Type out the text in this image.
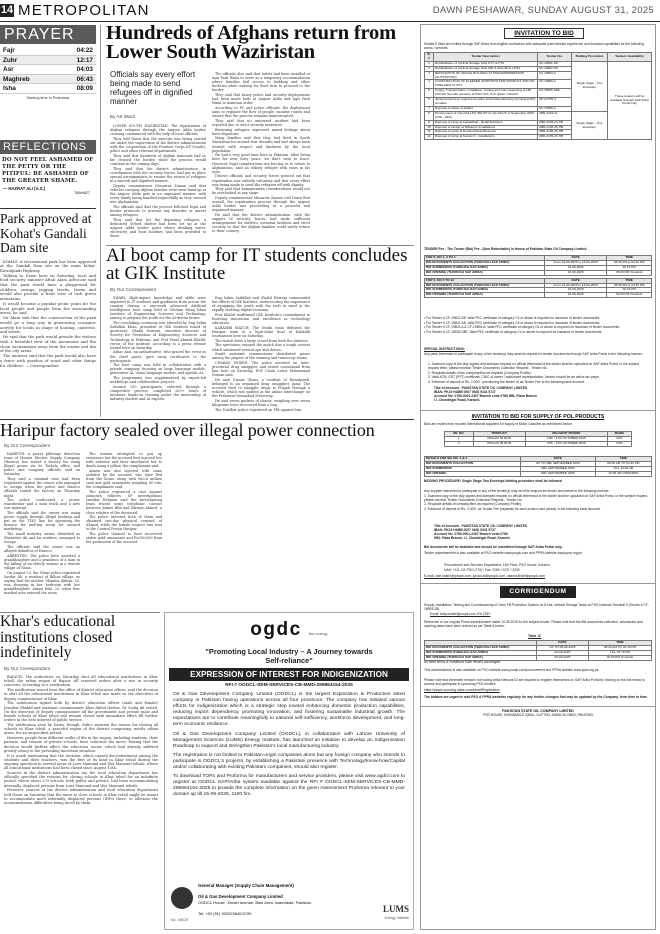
14 METROPOLITAN	DAWN PESHAWAR, SUNDAY AUGUST 31, 2025
PRAYER
Fajr	04:22
Zuhr	12:17
Asr	04:03
Maghreb	06:43
Isha	08:09
Starting time in Peshawar
REFLECTIONS
DO NOT FEEL ASHAMED OF THE PETTY OR THE PITIFUL: BE ASHAMED OF THE GREATER SHAME.
— HAZRAT ALI (A.S.)
78AH627
Park approved at Kohat's Gandali Dam site

KOHAT: A recreational park has been approved at the Gandali Dam site on the main Kohat-Rawalpindi Highway.

Talking to Dawn here on Saturday, local and food security minister Aftab Alam Advocate said that the park would have a playground for children, swings, jogging tracks, lawns and would also provide a front view of lush green mountains.

It would become a popular picnic point for the local people and people from the surrounding areas, he said.

Mr Alam said that the construction of the park would go a long way in generating economic activity for locals in shape of boating, canteens, and hotels.

He said that the park would provide the visitors with a beautiful view of the mountains and the clean environment away from the smoke and din of the city areas.

The minister said that the park would also have a fence with gazebos of wood and other things for children. — Correspondent

Hundreds of Afghans return from Lower South Waziristan
Officials say every effort being made to send refugees off in dignified manner
By AK Wazir

LOWER SOUTH WAZIRISTAN: The repatriation of Afghan refugees through the Angoor Adda border crossing commenced with the help of local officials.

They told Dawn that the exercise was being carried out under the supervision of the district administration with the cooperation of the Frontier Corps KP (South), police and other relevant departments.

They said that hundreds of Afghan nationals had so far crossed the border, while the process would continue in the coming days.

They said that the district administration, in coordination with the security forces, had put in place special arrangements to ensure the return of refugees in a smooth and dignified manner.

Deputy commissioner Musarrat Zaman said that vehicles carrying Afghan families were seen lined up at the Angoor Adda gate in an organised manner, with every family being handled respectfully as they crossed into Afghanistan.

The officials said that the process followed legal and border protocols to prevent any disorder or unrest among refugees.

They said that for the departing refugees, a dedicated 50-bed shelter had been set up at the Angoor Adda border point where drinking water, electricity and food facilities had been provided to them.

The officials also said that toilets had been installed at Agri Park Wana to serve as a temporary accommodation where families had access to bedding and other facilities while waiting for their turn to proceed to the border.

They said that heavy police and security deployments had been made both at Angoor Adda and Agri Park Wana to maintain order.

According to FC and police officials, the deployment aims to regulate the flow of people, monitor routes and ensure that the process remains uninterrupted.

They said that no untoward incident had been reported due to strict security measures.

Returning refugees expressed mixed feelings about their departure.

Many families said that they had lived in South Waziristan for around four decades and had always been treated with respect and kindness by the local population.

We had a very good time here in Pakistan. After living here for over forty years, we don't wish to leave. However, legal complications are forcing us to return to Afghanistan, said an elderly refugee with tears in his eyes.

District officials and security forces pointed out that repatriation was entirely voluntary and that every effort was being made to send the refugees off with dignity.

They said that humanitarian considerations would not be overlooked at any stage.

Deputy commissioner Musarrat Zaman told Dawn that overall, the repatriation process through the Angoor Adda border was proceeding in a peaceful and organised manner.

He said that the district administration, with the support of security forces, had made sufficient arrangements for shelters, essential facilities and strict security so that the Afghan families could safely return to their country.

AI boot camp for IT students concludes at GIK Institute
By Our Correspondent

SWABI: High-impact knowledge and skills were imparted to IT students and graduates from across the country during a one-week advanced Artificial Intelligence boot camp held at Ghulam Ishaq Khan Institute of Engineering Sciences and Technology, aiming to prepare the youth for the AI-driven future.

The concluding ceremony was attended by Eng Salim Saifullah Khan, president of GIK Institute board of governors; Shakil Durrani, executive director of Society for Promotion of Engineering Sciences and Technology in Pakistan; and Prof Fazal Ahmad Khalid, rector of the institute, according to a press release issued here on Saturday.

Azhar Aziz, an authoritative, who graced the event as the chief guest, gave away certificates to the participants.

The boot camp was held in collaboration with a private company, focusing on large language models, generative AI, vision language models, and agentic AI.

The programme was supplemented by expert-led workshops and collaborative projects.

Around 150 participants, selected through a competitive process, completed 200+ hours of intensive hands-on training under the mentorship of industry leaders and AI experts.

Eng Salim Saifullah and Shakil Durrani commended the efforts of GIK Institute, underscoring the importance of equipping the youth with the tools to excel in the rapidly evolving digital economy.

Prof Khalid reaffirmed GIK Institute's commitment to fostering innovation and excellence in technology education.

KARAMBI MATCH: The Swabi team defeated the Haripur team in a high-stake final of Kabaddi tournament here on Saturday.

The match drew a large crowd from both the districts.

The spectators enjoyed the match due a tough contest which witnessed several ups and downs.

Swabi assistant commissioner distributed prizes among the players of the winning and runner-up teams.

CHARAS SEIZED: The police arrested an inter-provincial drug smuggler, and seized contraband from him here on Saturday, DSP Chota Lahor Mohammad Noman said.

He said Usman Ghani, a resident of Rawalpindi, belonged to an organised drug smugglers gang. The accused tried to smuggle drugs to Punjab through a vehicle, which was parked at the Anbar interchange on the Peshawar-Islamabad Motorway.

He said seven packets of charas, weighing over seven kilograms were recovered from a bag.

The Totalbar police registered an FIR against him.

Haripur factory sealed over illegal power connection
By Our Correspondent

HARIPUR: A power pilferage detection team of Hazara Electric Supply Company (Hazeco) has sealed a factory for using illegal power via its Tarbela office, and police and company officials said on Saturday.

They said a criminal case had been registered against the owner, who managed to escape when the police and Hazeco officials raided the factory on Thursday night.

The police confiscated a power transformer and a mini truck and a new raw material.

The officials said the owner was using power supply through illegal hooking and put on the 11KV line for operating the furnace for melting scrap for onward marketing.

The small industry owner, identified as Shamsher Ali and his workers, managed to escape.

The officials said the owner was an alleged defaulter of Hazeco.

ARRESTED: The police have arrested a granddaughter and a grandson of a man in the killing of an elderly woman in a remote village of Ghazi.

On August 25, the Ghazi police registered Sardar Ali, a resident of Bilhar village, as saying that his mother, Shamim Akhtar, 50, was sleeping in her bedroom with her granddaughter, Aimen Bibi, 20, when four masked men entered the room.

The women attempted to put up resistance but the accused first injected her with sedative and later smothered her to death using a pillow, the complainant said.

Aimen was also injected with some sedative by the accused, who later fled from the house along with Rs3.4 million cash and gold ornaments weighing 80 tola, the complainant said.

The police registered a case against unknown robbers. SP investigations Jamiltar Rehman said the investigating team traced some telephonic contact between Aimen Bibi and Rizwan Ahmed, a close relative of the deceased.

The police arrested both of them and obtained two-day physical remand of Ahmed, while the female suspect was sent to the Central Prison Haripur.

The police claimed to have recovered stolen gold ornaments and Rs350,000 from the possession of the accused.

Khar's educational institutions closed indefinitely
By Our Correspondent

BAJAUR: The authorities on Saturday shut all educational institutions in Khar tehsil, the urban region of Bajaur, till renewed orders after a rise in security concerns, according to a notification.

The notification issued from the office of district education officer, said the decision to shut all the educational institutions in Khar tehsil was made on the directives of deputy commissioner of Khar.

The notification signed both by district education officer (male and female) Jawahar Shahid and assistant commissioner Khar Abdul Hafeez, Dr Sadiq Ali stated, On the direction of deputy commissioner all the government and private male and female schools of Khar tehsil will remain closed with immediate effect till further orders in the best interest of public service.

The notification seen by Dawn, though, didn't mention the reason for closing all schools in Khar tehsil, a peaceful region of the district comprising mostly urban areas, for an unspecified period.

However, people from different walks of life in the region, including students, their parents, and owners of private schools, have criticised the move, fearing that the decision would further affect the education sector, which had already suffered greatly owing to the prevailing uncertain situation.

It is worth mentioning that the decision, which caused discontentment among the students and their teachers, was the first of its kind in Khar tehsil during the ongoing operation in several areas of Lowi Mamund and War Mamund tehsils, where all educational institutions had been closed since August 12th.

Sources in the district administration say the local education department has officially specified the reasons for closing schools in Khar tehsil for an indefinite period, where about 270 schools, both public and private, had been accommodating internally displaced persons from Lowi Mamund and War Mamund tehsils.

However, sources at the district administration and local education department told Dawn on Saturday that the move to close schools in Khar tehsil might be meant to accommodate more internally displaced persons (IDPs) there, to alleviate the accommodation difficulties being faced by them.

ogdc the energy
"Promoting Local Industry – A Journey towards Self-reliance"
EXPRESSION OF INTEREST FOR INDIGENIZATION
RFI # OGDCL-SEM-SERVICES-CB-MMD-295864154-2025

Oil & Gas Development Company Limited (OGDCL) is the largest Exploration & Production listed company in Pakistan having operations across all four provinces. The company has initiated various efforts for indigenization which is a strategic step toward enhancing domestic production capabilities, reducing import dependency, promoting innovation, and fostering sustainable industrial growth. The expectations are to contribute meaningfully to national self-sufficiency, workforce development, and long-term economic resilience.

Oil & Gas Development Company Limited (OGDCL), in collaboration with Lahore University of Management Sciences (LUMS) Energy Institute, has launched an initiative to develop an Indigenization Roadmap to support and strengthen Pakistan's local manufacturing industry.

The registration is not limited to Pakistan-origin companies alone but any foreign company who intends to participate in OGDCL's projects, by establishing a Pakistani presence with Technology/know-how/Capital and/or collaborating with existing Pakistani companies, should also register.

To download TORs and Proforma for manufacturers and service providers, please visit www.ogdcl.com to register at OGDCL SAP/Ariba system available against the RFI # OGDCL-SEM-SERVICES-CB-MMD-295864154-2025 to provide the complete information on the given Assessment Proforma relevant to your domain up till 15-09-2025, 1100 hrs.

General Manager (Supply Chain Management)
Oil & Gas Development Company Limited
OGDCL House, Jinnah Avenue, Blue Area, Islamabad, Pakistan.
Tel: +92 (51) 920023640/3795
No. 198/25
LUMS
Energy Institute
INVITATION TO BID
Sealed E-Bids are invited through SAP Ariba from eligible contractors with adequate past relevant experience and financial capabilities for the following works / services:
Sr. #	Tender Description	Tender No.	Bidding Procedure	Tenders Availability
1	Rehabilitation of Vertical Storage Tank # 07 at KTA	CF-19601-S8	Single Stage - Two Envelope	These tenders will be available through SAP Ariba Portal only
2	Rehabilitation of Vertical Storage Tank #05 & Tank #8 at LMTA	CF-19802-S8		
3	RENOVATION OF OFFICE BUILDING AT SMO/SWM/MMO/SUP (OUTSTATION)	CF-19803-A		
4	CONSTRUCTION OF SLEEPER SUPPORTS FOR PRODUCT AND FW PIPELINES AT ZOT	CF-19806-A		
5	Supply, Transportation, Installation, Testing and Commissioning of 150 KVA DC Set with warranty at PSO CFS, Port Qasim, Karachi	CF-18935-S8E		
6	Janitorial Services required at Lalkot Garhi Manufacturing Terminal (LMT) at Lalkot	OP-01756-S		
7	Disposal of waste at Sialkot	CF-19586-A		
8	Procurement of Imported LPG 960 MT for the Month of September 2025 (27th - 29th)	ABR-2219-2L	Single Stage - One Envelope	
9	Disposal of scrap at Faisalabad - Retail Business	ABR-2039-24-HB		
10	Disposal of sludge at Shikarpur Installations	ABR-2193-25-HB		
11	Disposal of scrap at Dohiani-Retail Business	ABR-2196-25-HB		
12	Disposal of scrap at Kemari II - Installations	ABR-2199-25-HB		
TENDER Fee - The Tender (Bid) Fee - (Non Refundable) in favour of Pakistan State Oil Company Limited.
FOR S. NO 1, 3 TO 4	DATE	TIME
BID DOCUMENTS COLLECTION (THROUGH SAP ARIBA)	From 01-09-2025 to 15-09-2025	08:30 AM to 04:30 PM
BID SUBMISSION (THROUGH SAP ARIBA)	16-09-2025	02:15 PM
BID OPENING (THROUGH SAP ARIBA)	16-09-2025	03:00 PM Onwards
FOR S. NO 5 TO 12	DATE	TIME
BID DOCUMENTS COLLECTION (THROUGH SAP ARIBA)	From 01-09-2025 to 15-09-2025	08:30 AM to 04:30 PM
BID SUBMISSION (THROUGH SAP ARIBA)	16-09-2025	02:15 PM
BID OPENING (THROUGH SAP ARIBA)	16-09-2025	03:00 PM Onwards
• For Tender # CF-19601-S8: Valid PEC certificate of category C4 or above is required for issuance of tender documents.
• For Tender # CF-19802-S8: Valid PEC certificate of category C5 or above is required for issuance of tender documents.
• For Tender # CF-19803-A & CF-19806-A: Valid PEC certificate of category C6 or above is required for issuance of tender documents.
• For Tender # CF-18935-S8E: Valid PEC certificate of category C4 or above is required for issuance of tender documents.
SPECIAL INSTRUCTIONS:
Any party interested to participate in any of the tender(s) may send its request for tender documents through SAP Ariba Portal in the following manner:
1. Scanned copy of the duly signed and stamped request on official letterhead of the bidder shall be uploaded on SAP Ariba Portal. In the subject request letter, please mention Tender Documents Collection Request - Tender No.
2. Requisite details of the company/firm as required (Company Profile).
3. Valid NTN, GST (PST) certificate, CNIC of owner / authorized representative. Vendor should be an active tax payer.
4. Evidence of deposit of Rs. 2,000/- (mentioning the tender #) as Tender Fee in the following bank account:
Title of Account - PAKISTAN STATE OIL COMPANY LIMITED
IBAN: PK19 HABB 0007 0640 9341 5727
Account No: 0786-0001-2457 Branch code 0786 HBL Plaza Branch
I.I. Chundrigar Road, Karachi.
INVITATION TO BID FOR SUPPLY OF POL PRODUCTS
Bids are invited from reputed international suppliers for supply of Motor Gasoline as mentioned below:
SR. NO.	PRODUCT	DELIVERY PERIOD	MODE
1	MOGAS 92 RON	13th - 17th OCTOBER 2025	CFR
2	MOGAS 95 RON	27th - 27th OCTOBER 2025	CFR
DETAILS FOR SR. NO. 1 & 2	DATE	TIME
BID DOCUMENTS COLLECTION	UP TO 08th SEPTEMBER 2025	08:30 AM TO 04:30 PM
BID SUBMISSION	09th SEPTEMBER 2025	TILL 10:00 AM
BID OPENING	09th SEPTEMBER 2025	10:30 AM ONWARDS
BIDDING PROCEDURE: Single Stage Two Envelope bidding procedure shall be followed
Any supplier interested to participate in any of the tender(s) may send its request for tender documents in the following manner:
1. Scanned copy of the duly signed and stamped request on official letterhead of the bidder shall be uploaded on SAP Ariba Portal. In the subject request, please mention Tender Documents Collection Request - Tender No.
2. Requisite details of company/firm as required (Company Profile).
3. Evidence of deposit of Rs. 2,000/- as Tender Fee (separate for each product and period) in the following bank account:
Title of Account - PAKISTAN STATE OIL COMPANY LIMITED
IBAN: PK19 HABB 0007 0640 9341 5727
Account No. 0786-0001-2457 Branch code 0786
HBL Plaza Branch, I.I. Chundrigar Road, Karachi.
Bid documents will be available and should be submitted through SAP Ariba Portal only.
Tender advertisement is also available at PSO website www.psopk.com and PPRA website www.ppra.org.pk.
Procurement and Services Department, 11th Floor, PSO House, Karachi.
UAN: +111 111 PSO (776) / Fax: 2269 / 2237 / 2230
E-mail: zain.shaikh@psopk.com, junaid.ali@psopk.com, usama.khatri@psopk.com
CORRIGENDUM
Supply, Installation, Testing and Commissioning of Oven Fill Protection System on 8 nos. Vertical Storage Tanks at PSO Keamari Terminal II (Tender # CF-18993-S8).
Email: tariq.shakir@psopk.com, Ext 2257
Reference to our original Press advertisement dated 10.08.2025 for the subject tender. Please note that the Bid documents collection, submission and opening dates have been revised as per Table A below:
Table 'A'
	DATE	TIME
BID DOCUMENTS COLLECTION (THROUGH SAP ARIBA)	UP TO 08-09-2025	08:30 AM TO 04:30 PM
BID SUBMISSION (THROUGH SAP ARIBA)	09-09-2025	TILL 02:15 PM
BID OPENING (THROUGH SAP ARIBA)	09-09-2025	03:00 PM Onwards
All other terms & conditions shall remain unchanged.
This advertisement is also available on PSO website www.psopk.com/procurement and PPRA website www.ppra.org.pk.
Please note that interested vendors not having Ariba Network ID are required to register themselves on SAP Ariba Portal by clicking on the link below to access and participate in upcoming PSO tenders.
https://psopk.sourcing.ariba.com/ad/selfRegistration
The bidders are urged to visit PSO & PPRA websites regularly for any further changes that may be updated by the Company, from time to time.
PAKISTAN STATE OIL COMPANY LIMITED
PSO HOUSE, KHAYABAN-E-IQBAL, CLIFTON, KARACHI-75600, PAKISTAN
